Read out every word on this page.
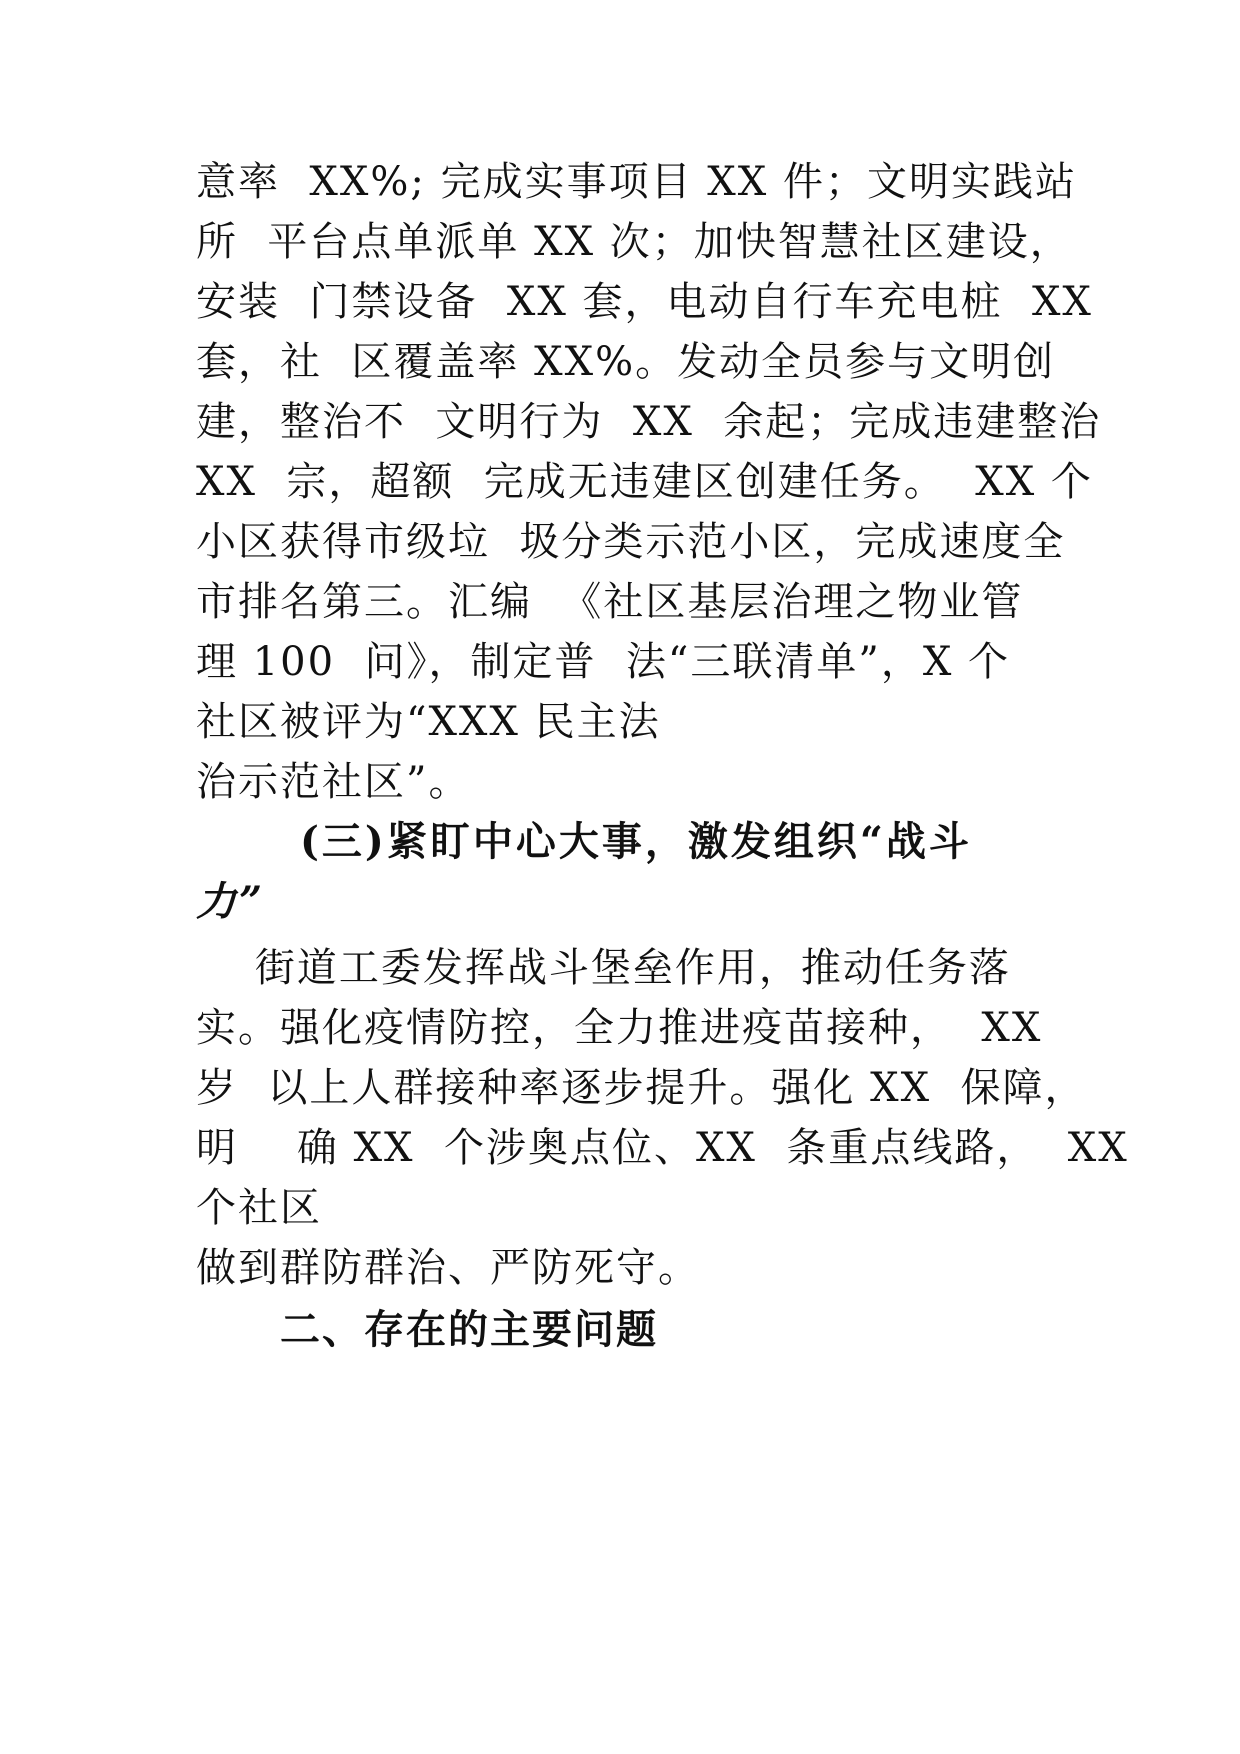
意率  XX%; 完成实事项目 XX 件；文明实践站
所  平台点单派单 XX 次；加快智慧社区建设，
安装  门禁设备  XX 套，电动自行车充电桩  XX
套，社  区覆盖率 XX%。发动全员参与文明创
建，整治不  文明行为  XX  余起；完成违建整治
XX  宗，超额  完成无违建区创建任务。  XX 个
小区获得市级垃  圾分类示范小区，完成速度全
市排名第三。汇编  《社区基层治理之物业管
理 100  问》，制定普  法“三联清单”，X 个
社区被评为“XXX 民主法
治示范社区”。
(三)紧盯中心大事，激发组织“战斗
力”
街道工委发挥战斗堡垒作用，推动任务落
实。强化疫情防控，全力推进疫苗接种，  XX
岁  以上人群接种率逐步提升。强化 XX  保障，
明    确 XX  个涉奥点位、XX  条重点线路，  XX
个社区
做到群防群治、严防死守。
二、存在的主要问题
